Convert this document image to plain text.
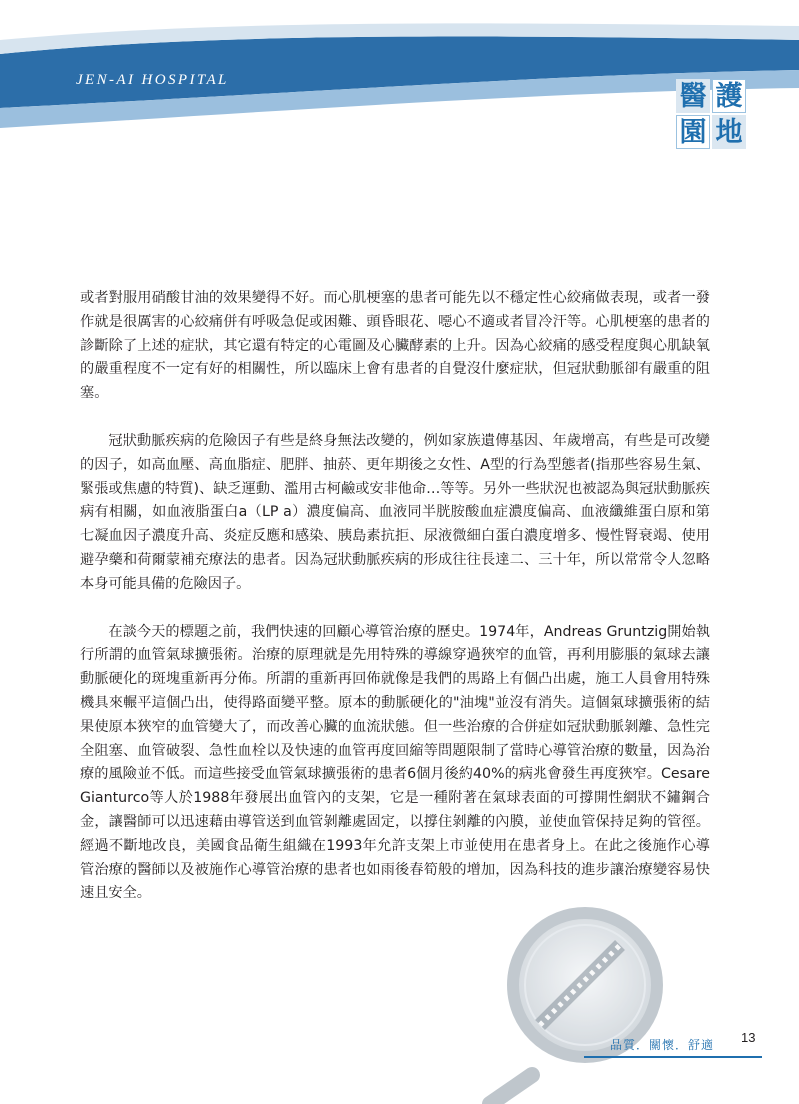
JEN-AI HOSPITAL
醫 護
園 地

或者對服用硝酸甘油的效果變得不好。而心肌梗塞的患者可能先以不穩定性心絞痛做表現，或者一發作就是很厲害的心絞痛併有呼吸急促或困難、頭昏眼花、噁心不適或者冒冷汗等。心肌梗塞的患者的診斷除了上述的症狀，其它還有特定的心電圖及心臟酵素的上升。因為心絞痛的感受程度與心肌缺氧的嚴重程度不一定有好的相關性，所以臨床上會有患者的自覺沒什麼症狀，但冠狀動脈卻有嚴重的阻塞。

冠狀動脈疾病的危險因子有些是終身無法改變的，例如家族遺傳基因、年歲增高，有些是可改變的因子，如高血壓、高血脂症、肥胖、抽菸、更年期後之女性、A型的行為型態者(指那些容易生氣、緊張或焦慮的特質)、缺乏運動、濫用古柯鹼或安非他命…等等。另外一些狀況也被認為與冠狀動脈疾病有相關，如血液脂蛋白a（LP a）濃度偏高、血液同半胱胺酸血症濃度偏高、血液纖維蛋白原和第七凝血因子濃度升高、炎症反應和感染、胰島素抗拒、尿液微細白蛋白濃度增多、慢性腎衰竭、使用避孕藥和荷爾蒙補充療法的患者。因為冠狀動脈疾病的形成往往長達二、三十年，所以常常令人忽略本身可能具備的危險因子。

在談今天的標題之前，我們快速的回顧心導管治療的歷史。1974年，Andreas Gruntzig開始執行所謂的血管氣球擴張術。治療的原理就是先用特殊的導線穿過狹窄的血管，再利用膨脹的氣球去讓動脈硬化的斑塊重新再分佈。所謂的重新再回佈就像是我們的馬路上有個凸出處，施工人員會用特殊機具來輾平這個凸出，使得路面變平整。原本的動脈硬化的"油塊"並沒有消失。這個氣球擴張術的結果使原本狹窄的血管變大了，而改善心臟的血流狀態。但一些治療的合併症如冠狀動脈剝離、急性完全阻塞、血管破裂、急性血栓以及快速的血管再度回縮等問題限制了當時心導管治療的數量，因為治療的風險並不低。而這些接受血管氣球擴張術的患者6個月後約40%的病兆會發生再度狹窄。Cesare Gianturco等人於1988年發展出血管內的支架，它是一種附著在氣球表面的可撐開性網狀不鏽鋼合金，讓醫師可以迅速藉由導管送到血管剝離處固定，以撐住剝離的內膜，並使血管保持足夠的管徑。經過不斷地改良，美國食品衛生組織在1993年允許支架上市並使用在患者身上。在此之後施作心導管治療的醫師以及被施作心導管治療的患者也如雨後春筍般的增加，因為科技的進步讓治療變容易快速且安全。

品質．關懷．舒適 13
